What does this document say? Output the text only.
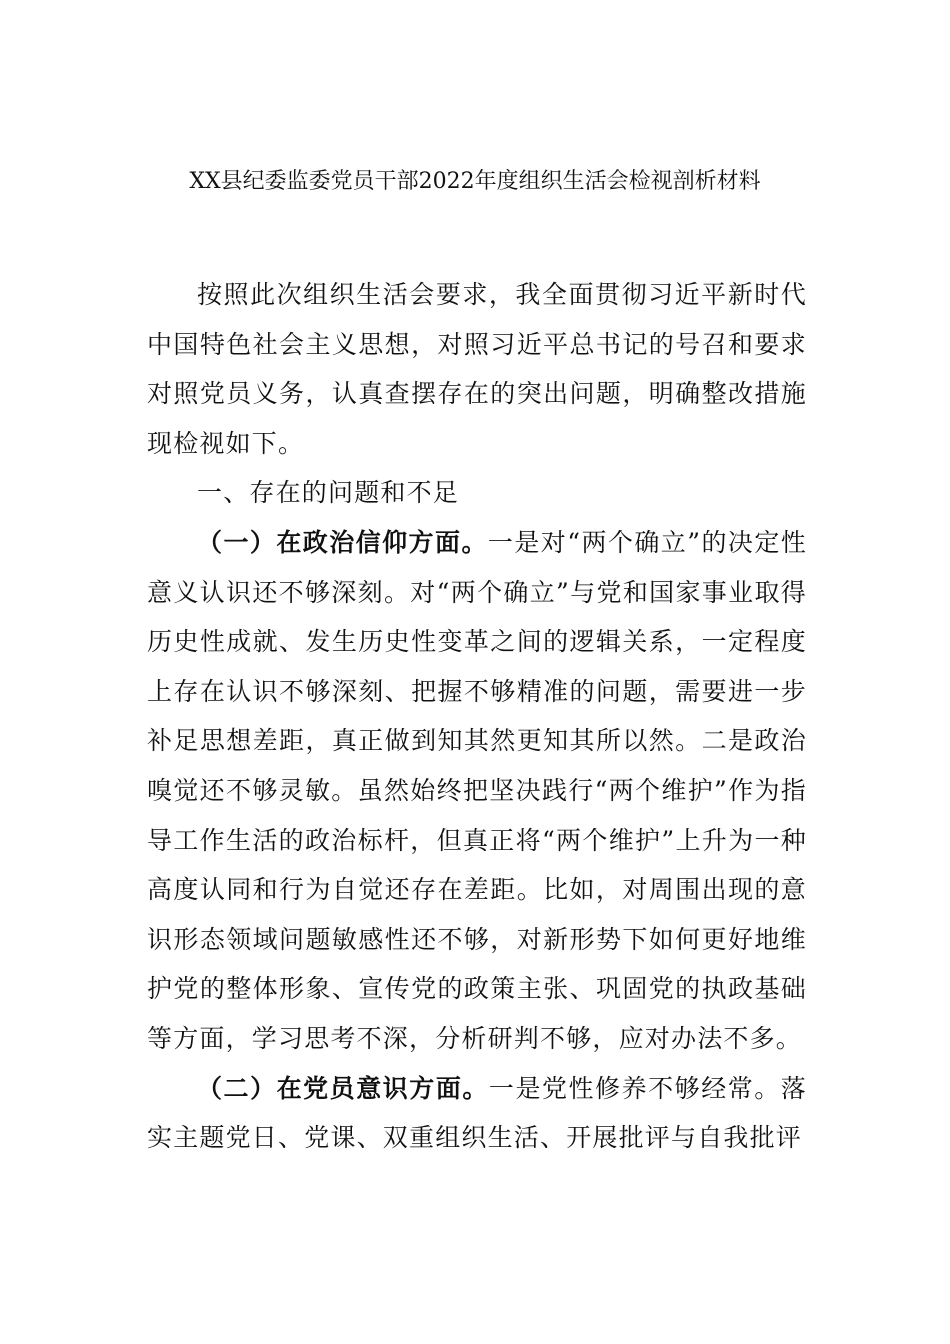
XX县纪委监委党员干部2022年度组织生活会检视剖析材料

按照此次组织生活会要求，我全面贯彻习近平新时代中国特色社会主义思想，对照习近平总书记的号召和要求对照党员义务，认真查摆存在的突出问题，明确整改措施现检视如下。

一、存在的问题和不足

（一）在政治信仰方面。一是对“两个确立”的决定性意义认识还不够深刻。对“两个确立”与党和国家事业取得历史性成就、发生历史性变革之间的逻辑关系，一定程度上存在认识不够深刻、把握不够精准的问题，需要进一步补足思想差距，真正做到知其然更知其所以然。二是政治嗅觉还不够灵敏。虽然始终把坚决践行“两个维护”作为指导工作生活的政治标杆，但真正将“两个维护”上升为一种高度认同和行为自觉还存在差距。比如，对周围出现的意识形态领域问题敏感性还不够，对新形势下如何更好地维护党的整体形象、宣传党的政策主张、巩固党的执政基础等方面，学习思考不深，分析研判不够，应对办法不多。

（二）在党员意识方面。一是党性修养不够经常。落实主题党日、党课、双重组织生活、开展批评与自我批评
